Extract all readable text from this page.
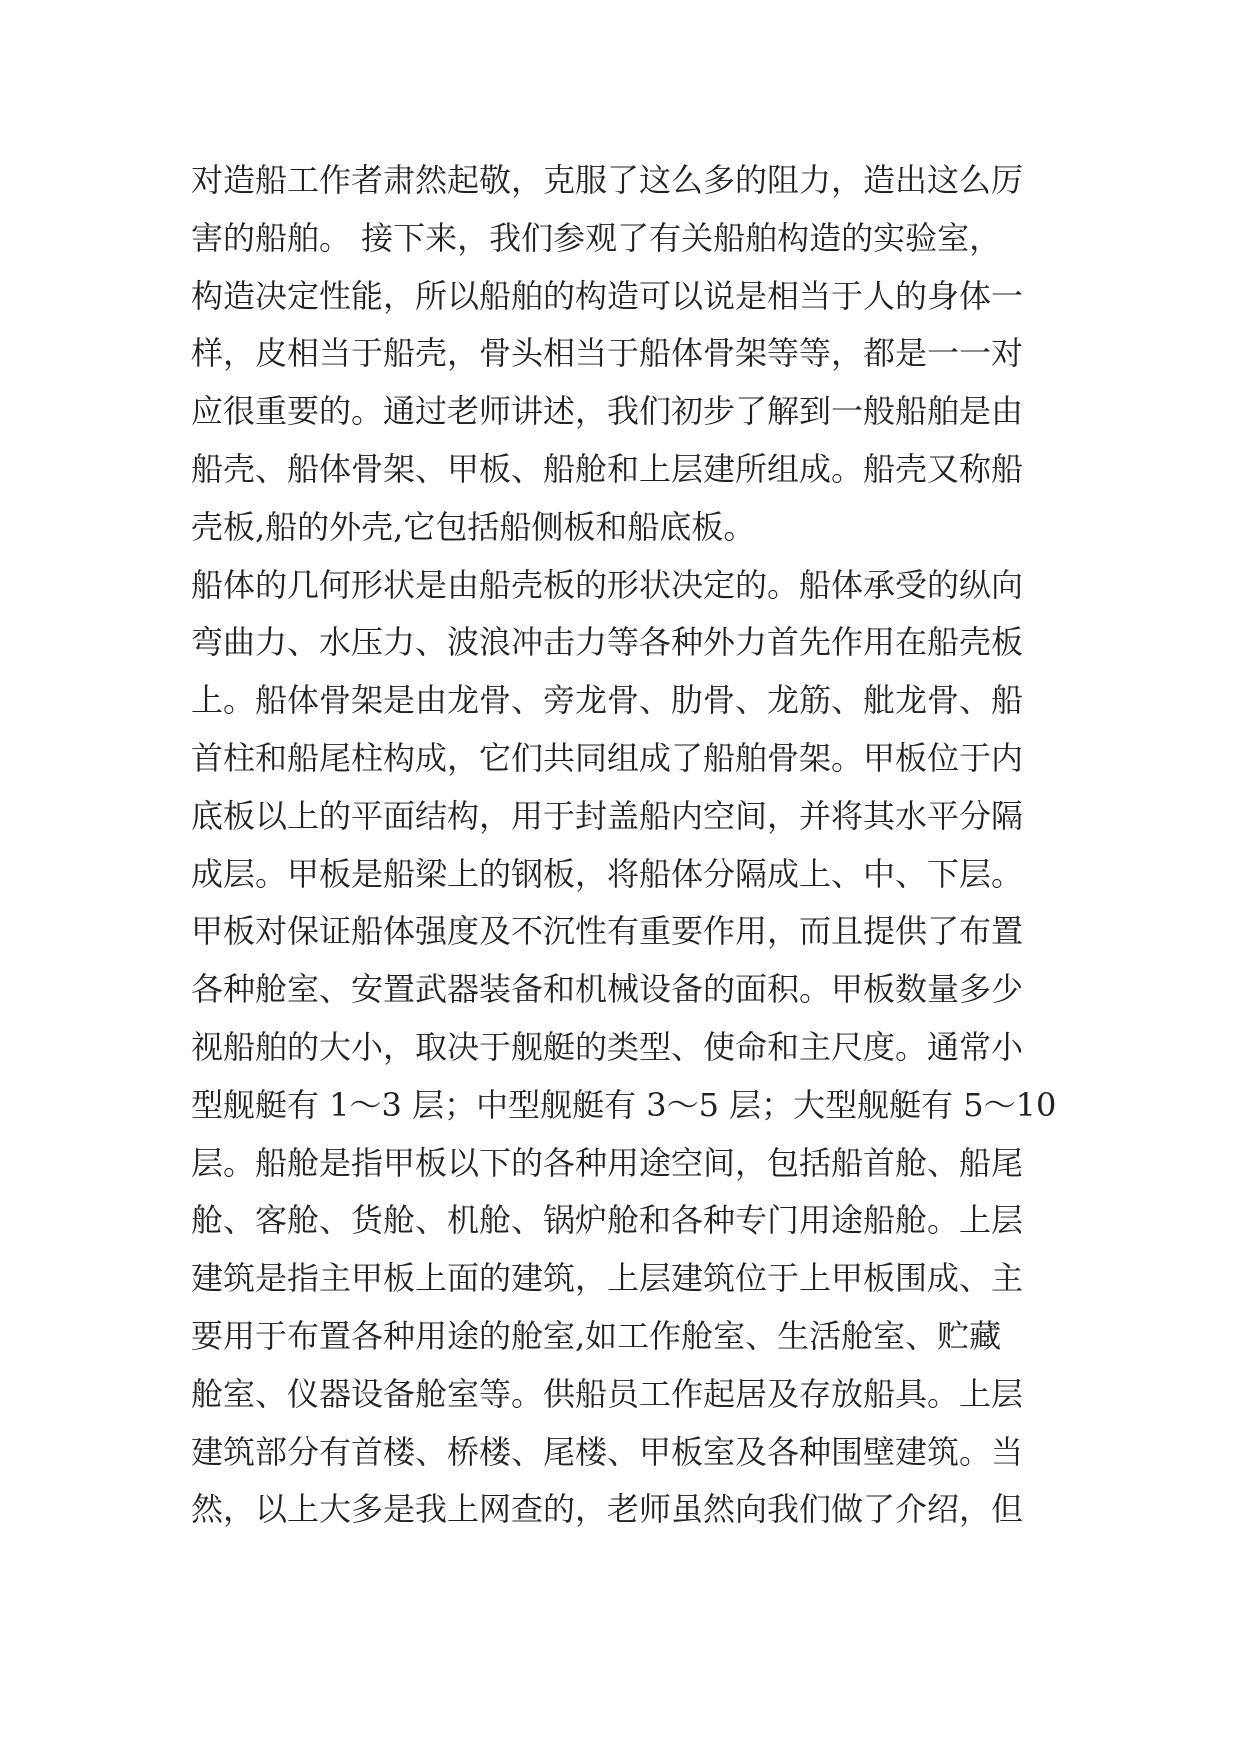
对造船工作者肃然起敬，克服了这么多的阻力，造出这么厉
害的船舶。 接下来，我们参观了有关船舶构造的实验室，
构造决定性能，所以船舶的构造可以说是相当于人的身体一
样，皮相当于船壳，骨头相当于船体骨架等等，都是一一对
应很重要的。通过老师讲述，我们初步了解到一般船舶是由
船壳、船体骨架、甲板、船舱和上层建所组成。船壳又称船
壳板,船的外壳,它包括船侧板和船底板。
船体的几何形状是由船壳板的形状决定的。船体承受的纵向
弯曲力、水压力、波浪冲击力等各种外力首先作用在船壳板
上。船体骨架是由龙骨、旁龙骨、肋骨、龙筋、舭龙骨、船
首柱和船尾柱构成，它们共同组成了船舶骨架。甲板位于内
底板以上的平面结构，用于封盖船内空间，并将其水平分隔
成层。甲板是船梁上的钢板，将船体分隔成上、中、下层。
甲板对保证船体强度及不沉性有重要作用，而且提供了布置
各种舱室、安置武器装备和机械设备的面积。甲板数量多少
视船舶的大小，取决于舰艇的类型、使命和主尺度。通常小
型舰艇有 1～3 层；中型舰艇有 3～5 层；大型舰艇有 5～10
层。船舱是指甲板以下的各种用途空间，包括船首舱、船尾
舱、客舱、货舱、机舱、锅炉舱和各种专门用途船舱。上层
建筑是指主甲板上面的建筑，上层建筑位于上甲板围成、主
要用于布置各种用途的舱室,如工作舱室、生活舱室、贮藏
舱室、仪器设备舱室等。供船员工作起居及存放船具。上层
建筑部分有首楼、桥楼、尾楼、甲板室及各种围壁建筑。当
然，以上大多是我上网查的，老师虽然向我们做了介绍，但
